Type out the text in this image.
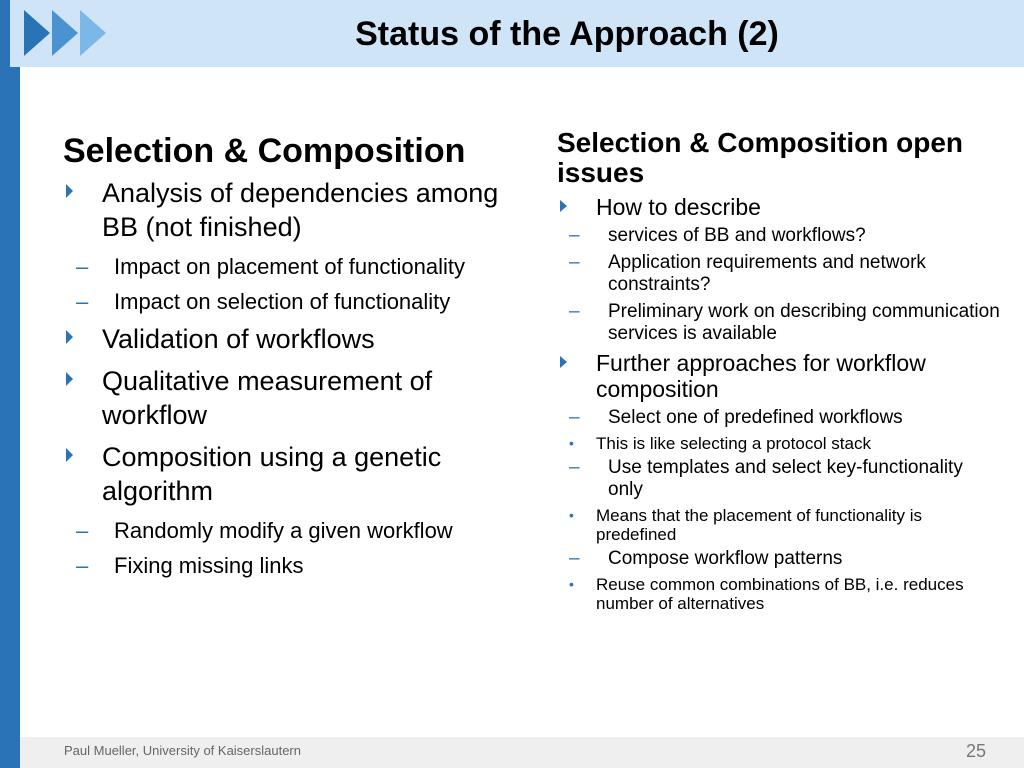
Status of the Approach (2)
Selection & Composition
Analysis of dependencies among BB (not finished)
– Impact on placement of functionality
– Impact on selection of functionality
Validation of workflows
Qualitative measurement of workflow
Composition using a genetic algorithm
– Randomly modify a given workflow
– Fixing missing links
Selection & Composition open issues
How to describe
– services of BB and workflows?
– Application requirements and network constraints?
– Preliminary work on describing communication services is available
Further approaches for workflow composition
– Select one of predefined workflows
• This is like selecting a protocol stack
– Use templates and select key-functionality only
• Means that the placement of functionality is predefined
– Compose workflow patterns
• Reuse common combinations of BB, i.e. reduces number of alternatives
Paul Mueller, University of Kaiserslautern	25
